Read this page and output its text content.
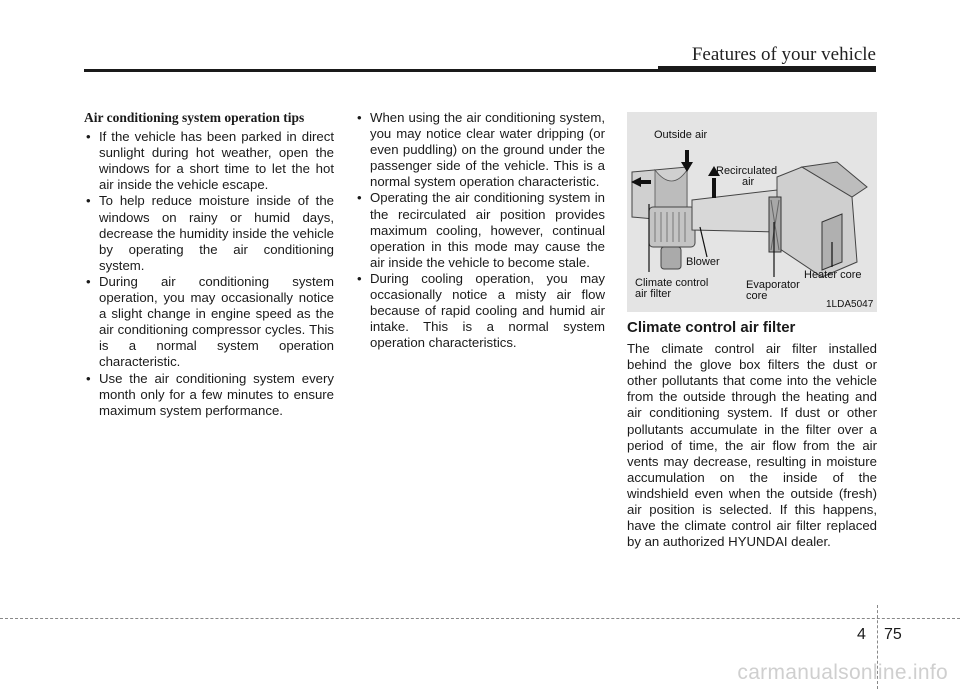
Features of your vehicle
Air conditioning system operation tips
• If the vehicle has been parked in direct sunlight during hot weather, open the windows for a short time to let the hot air inside the vehicle escape.
• To help reduce moisture inside of the windows on rainy or humid days, decrease the humidity inside the vehicle by operating the air conditioning system.
• During air conditioning system operation, you may occasionally notice a slight change in engine speed as the air conditioning compressor cycles. This is a normal system operation characteristic.
• Use the air conditioning system every month only for a few minutes to ensure maximum system performance.
• When using the air conditioning system, you may notice clear water dripping (or even puddling) on the ground under the passenger side of the vehicle. This is a normal system operation characteristic.
• Operating the air conditioning system in the recirculated air position provides maximum cooling, however, continual operation in this mode may cause the air inside the vehicle to become stale.
• During cooling operation, you may occasionally notice a misty air flow because of rapid cooling and humid air intake. This is a normal system operation characteristics.
Outside air
Recirculated
air
Blower
Climate control
air filter
Evaporator
core
Heater core
1LDA5047
Climate control air filter
The climate control air filter installed behind the glove box filters the dust or other pollutants that come into the vehicle from the outside through the heating and air conditioning system. If dust or other pollutants accumulate in the filter over a period of time, the air flow from the air vents may decrease, resulting in moisture accumulation on the inside of the windshield even when the outside (fresh) air position is selected. If this happens, have the climate control air filter replaced by an authorized HYUNDAI dealer.
4 75
carmanualsonline.info
